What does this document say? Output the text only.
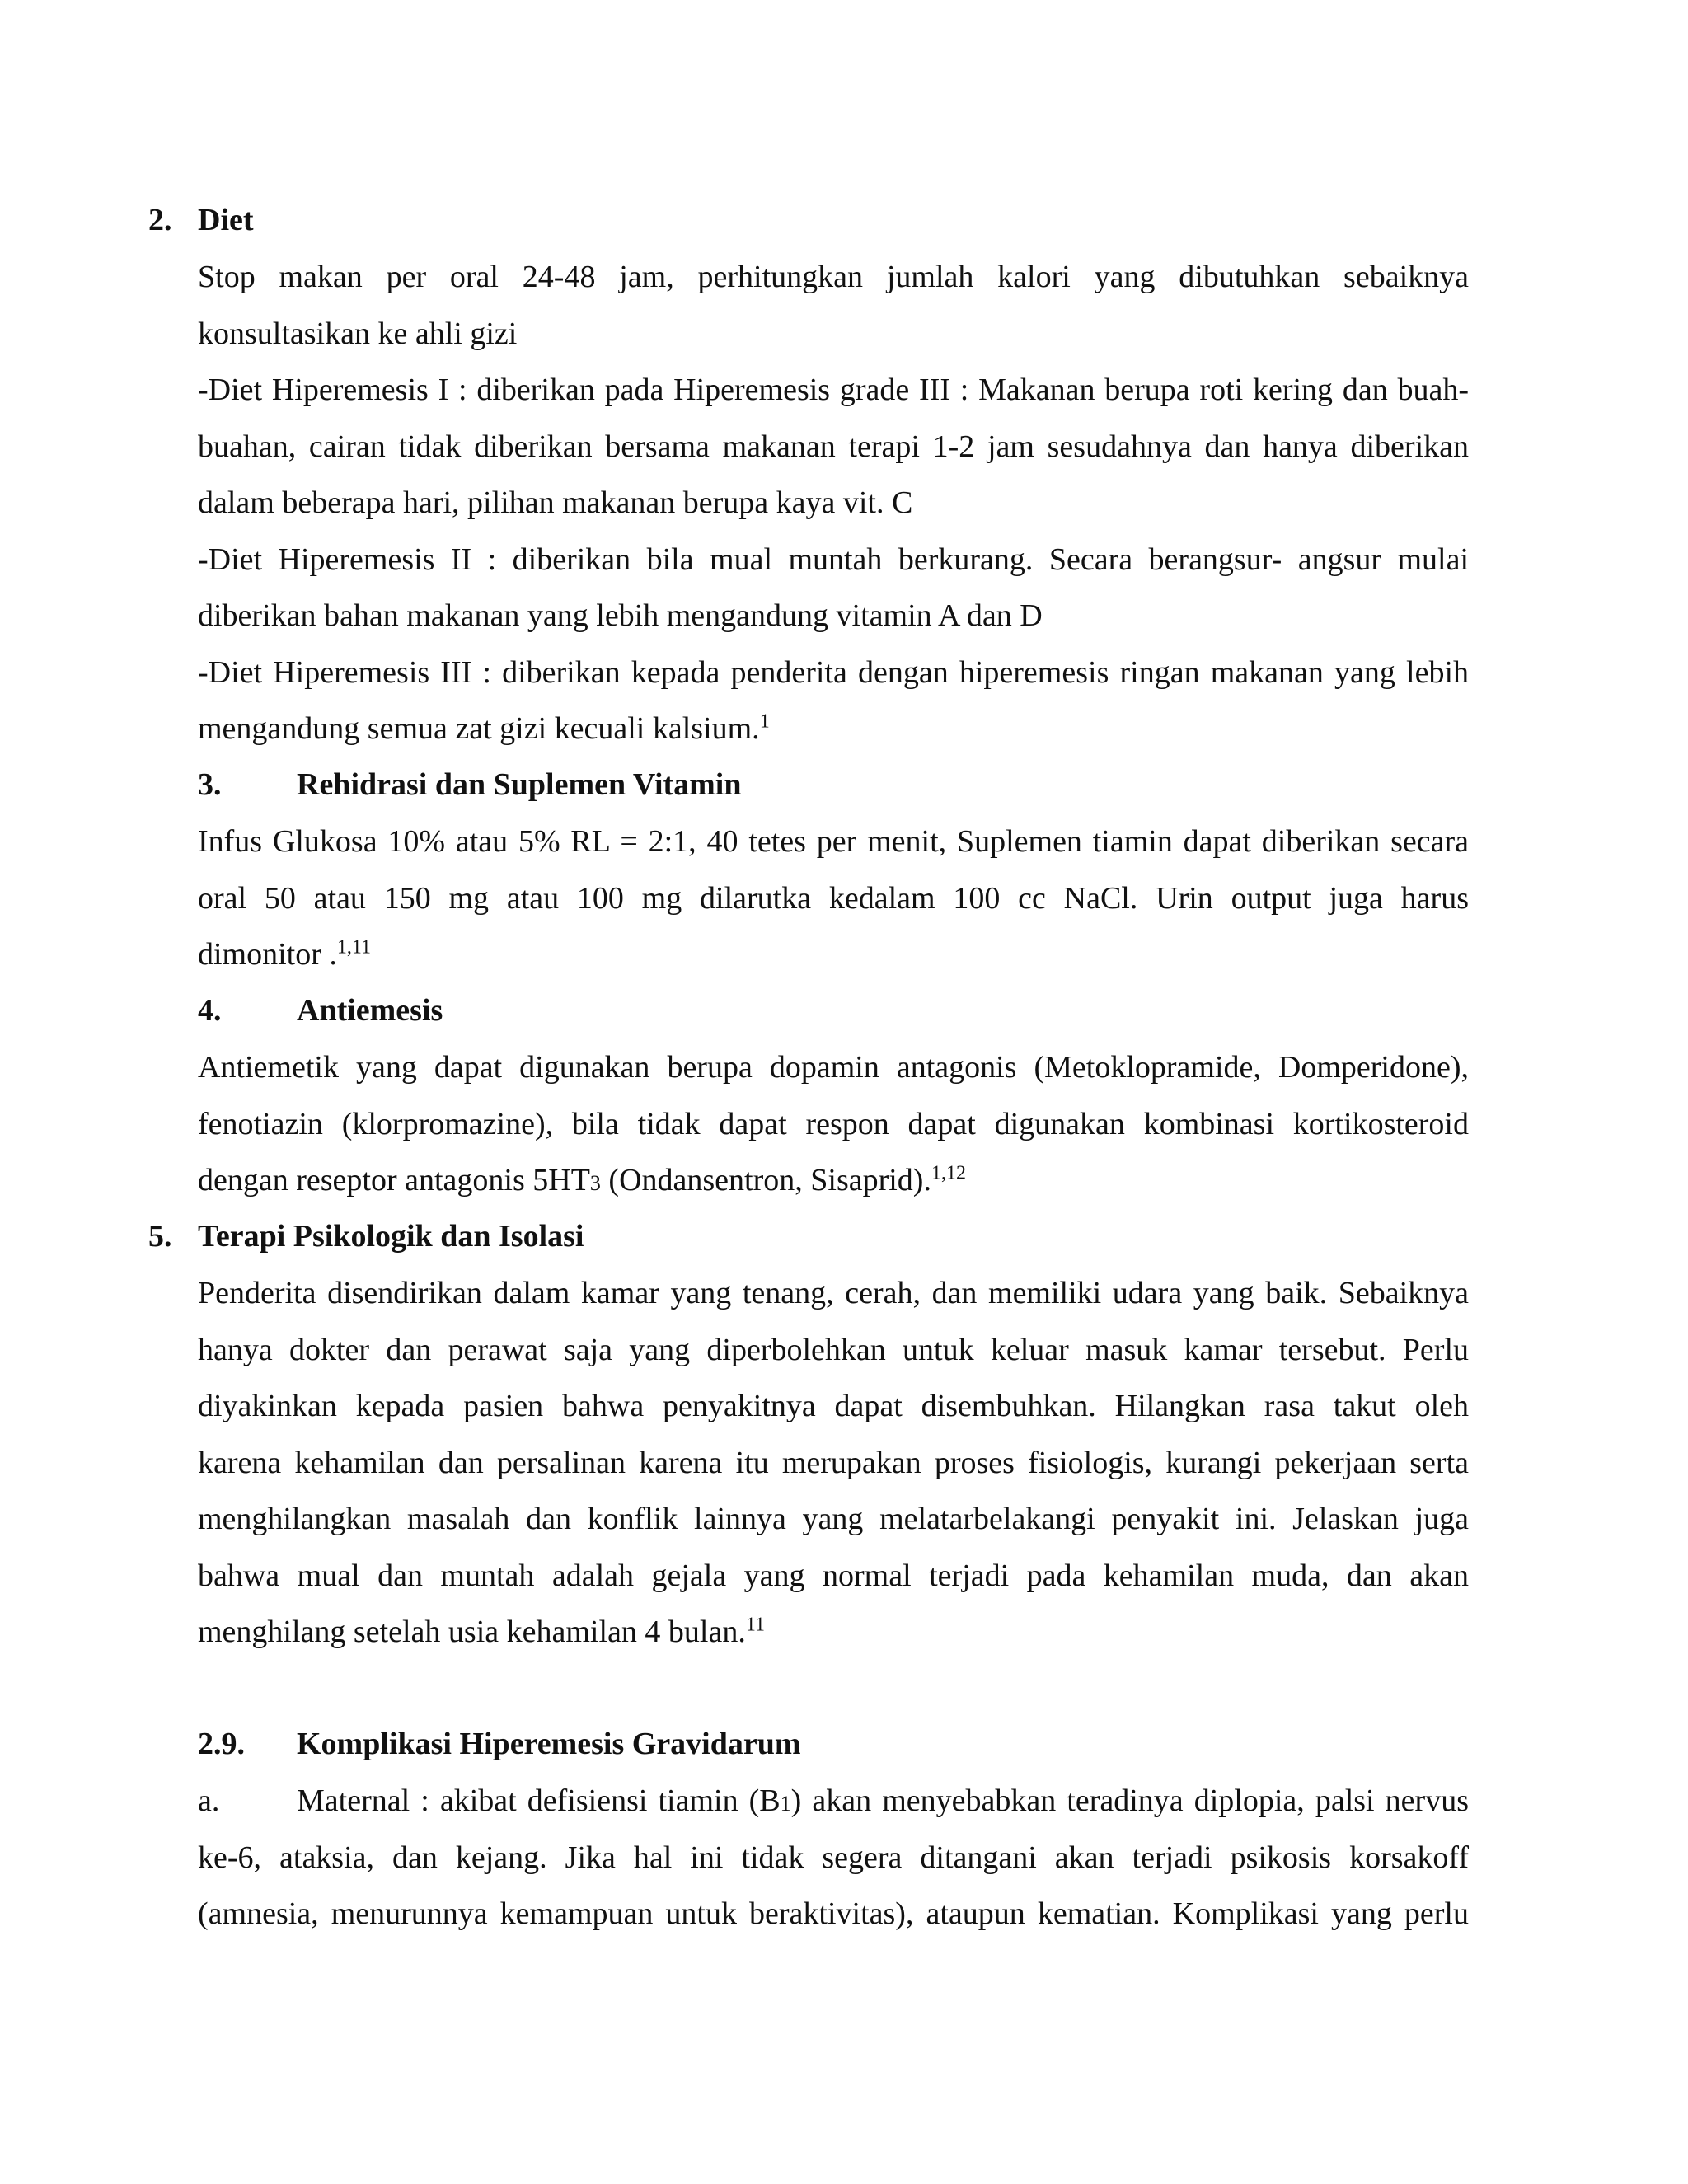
2. Diet
Stop makan per oral 24-48 jam, perhitungkan jumlah kalori yang dibutuhkan sebaiknya
konsultasikan ke ahli gizi
-Diet Hiperemesis I : diberikan pada Hiperemesis grade III : Makanan berupa roti kering dan buah-
buahan, cairan tidak diberikan bersama makanan terapi 1-2 jam sesudahnya dan hanya diberikan
dalam beberapa hari, pilihan makanan berupa kaya vit. C
-Diet Hiperemesis II : diberikan bila mual muntah berkurang. Secara berangsur- angsur mulai
diberikan bahan makanan yang lebih mengandung vitamin A dan D
-Diet Hiperemesis III : diberikan kepada penderita dengan hiperemesis ringan makanan yang lebih
mengandung semua zat gizi kecuali kalsium.$^1$
3. Rehidrasi dan Suplemen Vitamin
Infus Glukosa 10% atau 5% RL = 2:1, 40 tetes per menit, Suplemen tiamin dapat diberikan secara
oral 50 atau 150 mg atau 100 mg dilarutka kedalam 100 cc NaCl. Urin output juga harus
dimonitor .$^{1,11}$
4. Antiemesis
Antiemetik yang dapat digunakan berupa dopamin antagonis (Metoklopramide, Domperidone),
fenotiazin (klorpromazine), bila tidak dapat respon dapat digunakan kombinasi kortikosteroid
dengan reseptor antagonis 5HT3 (Ondansentron, Sisaprid).$^{1,12}$
5. Terapi Psikologik dan Isolasi
Penderita disendirikan dalam kamar yang tenang, cerah, dan memiliki udara yang baik. Sebaiknya
hanya dokter dan perawat saja yang diperbolehkan untuk keluar masuk kamar tersebut. Perlu
diyakinkan kepada pasien bahwa penyakitnya dapat disembuhkan. Hilangkan rasa takut oleh
karena kehamilan dan persalinan karena itu merupakan proses fisiologis, kurangi pekerjaan serta
menghilangkan masalah dan konflik lainnya yang melatarbelakangi penyakit ini. Jelaskan juga
bahwa mual dan muntah adalah gejala yang normal terjadi pada kehamilan muda, dan akan
menghilang setelah usia kehamilan 4 bulan.$^{11}$
2.9. Komplikasi Hiperemesis Gravidarum
a. Maternal : akibat defisiensi tiamin (B1) akan menyebabkan teradinya diplopia, palsi nervus
ke-6, ataksia, dan kejang. Jika hal ini tidak segera ditangani akan terjadi psikosis korsakoff
(amnesia, menurunnya kemampuan untuk beraktivitas), ataupun kematian. Komplikasi yang perlu
